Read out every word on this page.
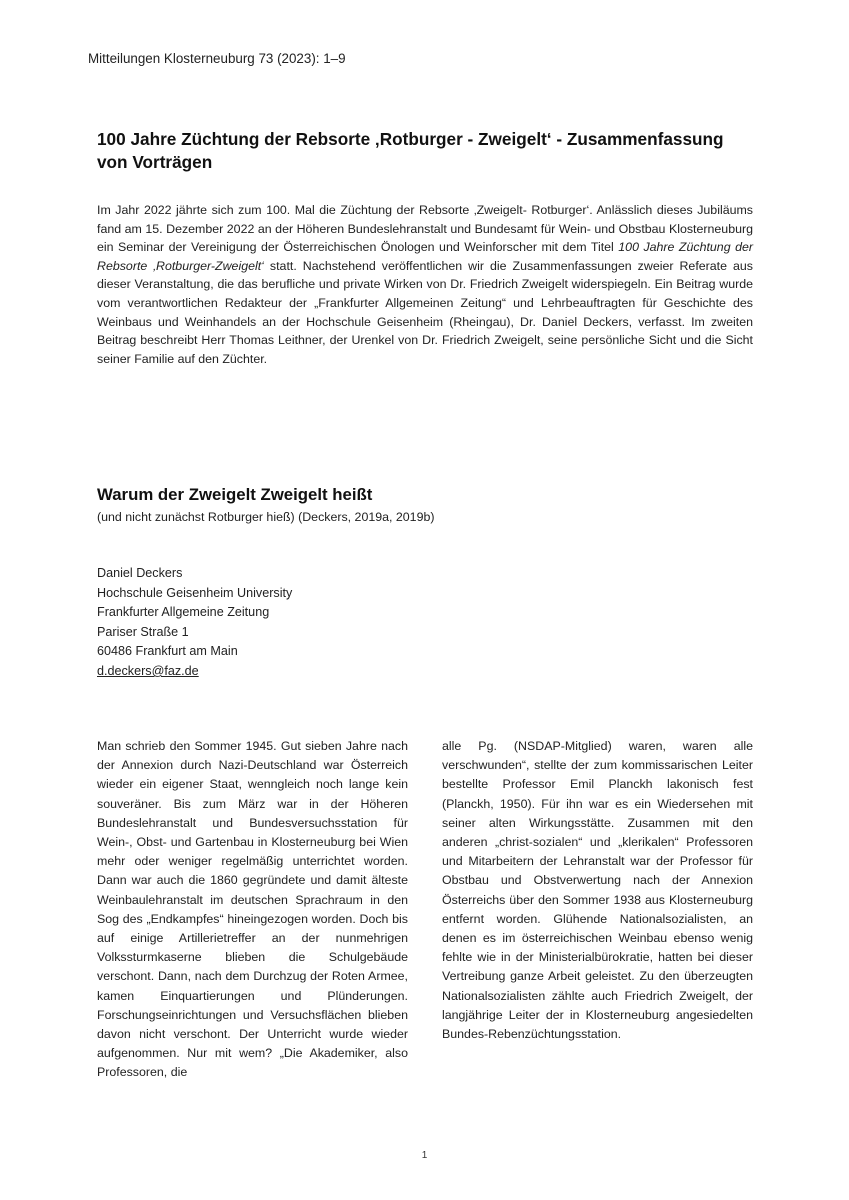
Mitteilungen Klosterneuburg 73 (2023): 1–9
100 Jahre Züchtung der Rebsorte ‚Rotburger - Zweigelt‘ - Zusammenfassung von Vorträgen

Im Jahr 2022 jährte sich zum 100. Mal die Züchtung der Rebsorte ‚Zweigelt- Rotburger‘. Anlässlich dieses Jubiläums fand am 15. Dezember 2022 an der Höheren Bundeslehranstalt und Bundesamt für Wein- und Obstbau Klosterneuburg ein Seminar der Vereinigung der Österreichischen Önologen und Weinforscher mit dem Titel 100 Jahre Züchtung der Rebsorte ‚Rotburger-Zweigelt‘ statt. Nachstehend veröffentlichen wir die Zusammenfassungen zweier Referate aus dieser Veranstaltung, die das berufliche und private Wirken von Dr. Friedrich Zweigelt widerspiegeln. Ein Beitrag wurde vom verantwortlichen Redakteur der „Frankfurter Allgemeinen Zeitung“ und Lehrbeauftragten für Geschichte des Weinbaus und Weinhandels an der Hochschule Geisenheim (Rheingau), Dr. Daniel Deckers, verfasst. Im zweiten Beitrag beschreibt Herr Thomas Leithner, der Urenkel von Dr. Friedrich Zweigelt, seine persönliche Sicht und die Sicht seiner Familie auf den Züchter.

Warum der Zweigelt Zweigelt heißt
(und nicht zunächst Rotburger hieß) (Deckers, 2019a, 2019b)
Daniel Deckers
Hochschule Geisenheim University
Frankfurter Allgemeine Zeitung
Pariser Straße 1
60486 Frankfurt am Main
d.deckers@faz.de

Man schrieb den Sommer 1945. Gut sieben Jahre nach der Annexion durch Nazi-Deutschland war Österreich wieder ein eigener Staat, wenngleich noch lange kein souveräner. Bis zum März war in der Höheren Bundeslehranstalt und Bundesversuchsstation für Wein-, Obst- und Gartenbau in Klosterneuburg bei Wien mehr oder weniger regelmäßig unterrichtet worden. Dann war auch die 1860 gegründete und damit älteste Weinbaulehranstalt im deutschen Sprachraum in den Sog des „Endkampfes“ hineingezogen worden. Doch bis auf einige Artillerietreffer an der nunmehrigen Volkssturmkaserne blieben die Schulgebäude verschont. Dann, nach dem Durchzug der Roten Armee, kamen Einquartierungen und Plünderungen. Forschungseinrichtungen und Versuchsflächen blieben davon nicht verschont. Der Unterricht wurde wieder aufgenommen. Nur mit wem? „Die Akademiker, also Professoren, die

alle Pg. (NSDAP-Mitglied) waren, waren alle verschwunden“, stellte der zum kommissarischen Leiter bestellte Professor Emil Planckh lakonisch fest (Planckh, 1950). Für ihn war es ein Wiedersehen mit seiner alten Wirkungsstätte. Zusammen mit den anderen „christ-sozialen“ und „klerikalen“ Professoren und Mitarbeitern der Lehranstalt war der Professor für Obstbau und Obstverwertung nach der Annexion Österreichs über den Sommer 1938 aus Klosterneuburg entfernt worden. Glühende Nationalsozialisten, an denen es im österreichischen Weinbau ebenso wenig fehlte wie in der Ministerialbürokratie, hatten bei dieser Vertreibung ganze Arbeit geleistet. Zu den überzeugten Nationalsozialisten zählte auch Friedrich Zweigelt, der langjährige Leiter der in Klosterneuburg angesiedelten Bundes-Rebenzüchtungsstation.

1
